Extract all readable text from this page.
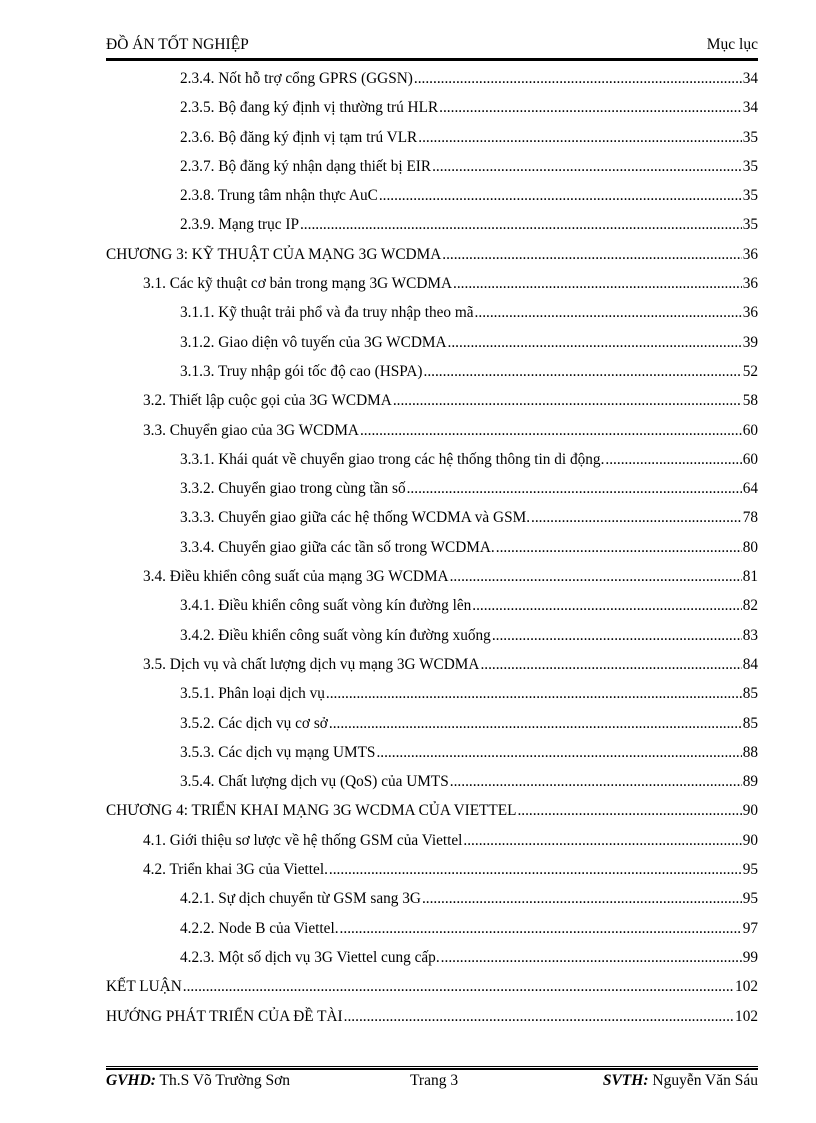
ĐỒ ÁN TỐT NGHIỆP	Mục lục
2.3.4. Nốt hỗ trợ cổng GPRS (GGSN) .....	34
2.3.5. Bộ đang ký định vị thường trú HLR .....	34
2.3.6. Bộ đăng ký định vị tạm trú VLR .....	35
2.3.7. Bộ đăng ký nhận dạng thiết bị EIR .....	35
2.3.8. Trung tâm nhận thực AuC .....	35
2.3.9. Mạng trục IP .....	35
CHƯƠNG 3: KỸ THUẬT CỦA MẠNG 3G WCDMA .....	36
3.1. Các kỹ thuật cơ bản trong mạng 3G WCDMA .....	36
3.1.1. Kỹ thuật trải phổ và đa truy nhập theo mã .....	36
3.1.2. Giao diện vô tuyến của 3G WCDMA .....	39
3.1.3. Truy nhập gói tốc độ cao (HSPA) .....	52
3.2. Thiết lập cuộc gọi của 3G WCDMA .....	58
3.3. Chuyển giao của 3G WCDMA .....	60
3.3.1. Khái quát về chuyển giao trong các hệ thống thông tin di động. .....	60
3.3.2. Chuyển giao trong cùng tần số .....	64
3.3.3. Chuyển giao giữa các hệ thống WCDMA và GSM. .....	78
3.3.4. Chuyển giao giữa các tần số trong WCDMA. .....	80
3.4. Điều khiển công suất của mạng 3G WCDMA .....	81
3.4.1. Điều khiển công suất vòng kín đường lên .....	82
3.4.2. Điều khiển công suất vòng kín đường xuống .....	83
3.5. Dịch vụ và chất lượng dịch vụ mạng 3G WCDMA .....	84
3.5.1. Phân loại dịch vụ .....	85
3.5.2. Các dịch vụ cơ sở .....	85
3.5.3. Các dịch vụ mạng UMTS .....	88
3.5.4. Chất lượng dịch vụ (QoS) của UMTS .....	89
CHƯƠNG 4: TRIỂN KHAI MẠNG 3G WCDMA CỦA VIETTEL .....	90
4.1. Giới thiệu sơ lược về hệ thống GSM của Viettel .....	90
4.2. Triển khai 3G của Viettel. .....	95
4.2.1. Sự dịch chuyển từ GSM sang 3G .....	95
4.2.2. Node B của Viettel. .....	97
4.2.3. Một số dịch vụ 3G Viettel cung cấp. .....	99
KẾT LUẬN .....	102
HƯỚNG PHÁT TRIỂN CỦA ĐỀ TÀI .....	102
GVHD: Th.S Võ Trường Sơn	Trang 3	SVTH: Nguyễn Văn Sáu
